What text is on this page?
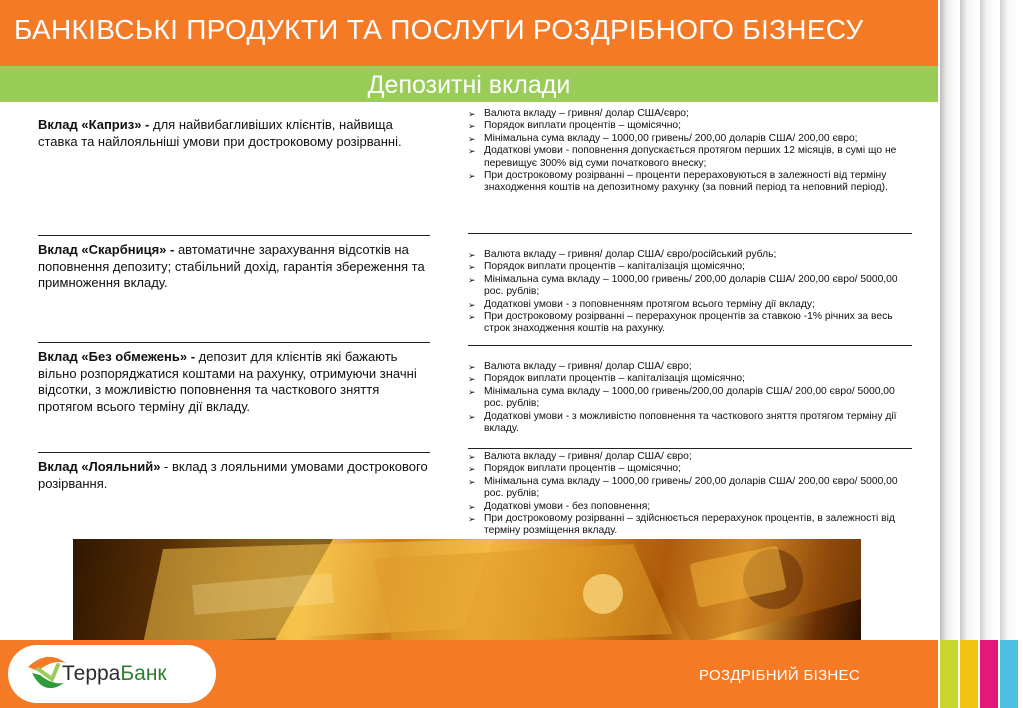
БАНКІВСЬКІ ПРОДУКТИ ТА ПОСЛУГИ РОЗДРІБНОГО БІЗНЕСУ
Депозитні вклади
Вклад «Каприз» - для найвибагливіших клієнтів, найвища ставка та найлояльніші умови при достроковому розірванні.
Вклад «Скарбниця» - автоматичне зарахування відсотків на поповнення депозиту; стабільний дохід, гарантія збереження та примноження вкладу.
Вклад «Без обмежень» - депозит для клієнтів які бажають вільно розпоряджатися коштами на рахунку, отримуючи значні відсотки, з можливістю поповнення та часткового зняття протягом всього терміну дії вкладу.
Вклад «Лояльний» - вклад з лояльними умовами дострокового розірвання.
➢ Валюта вкладу – гривня/ долар США/євро;
➢ Порядок виплати процентів – щомісячно;
➢ Мінімальна сума вкладу – 1000,00 гривень/ 200,00 доларів США/ 200,00 євро;
➢ Додаткові умови - поповнення допускається протягом перших 12 місяців, в сумі що не перевищує 300% від суми початкового внеску;
➢ При достроковому розірванні – проценти перераховуються в залежності від терміну знаходження коштів на депозитному рахунку (за повний період та неповний період).
➢ Валюта вкладу – гривня/ долар США/ євро/російський рубль;
➢ Порядок виплати процентів – капіталізація щомісячно;
➢ Мінімальна сума вкладу – 1000,00 гривень/ 200,00 доларів США/ 200,00 євро/ 5000,00 рос. рублів;
➢ Додаткові умови - з поповненням протягом всього терміну дії вкладу;
➢ При достроковому розірванні – перерахунок процентів за ставкою -1% річних за весь строк знаходження коштів на рахунку.
➢ Валюта вкладу – гривня/ долар США/ євро;
➢ Порядок виплати процентів – капіталізація щомісячно;
➢ Мінімальна сума вкладу – 1000,00 гривень/200,00 доларів США/ 200,00 євро/ 5000,00 рос. рублів;
➢ Додаткові умови - з можливістю поповнення та часткового зняття протягом терміну дії вкладу.
➢ Валюта вкладу – гривня/ долар США/ євро;
➢ Порядок виплати процентів – щомісячно;
➢ Мінімальна сума вкладу – 1000,00 гривень/ 200,00 доларів США/ 200,00 євро/ 5000,00 рос. рублів;
➢ Додаткові умови - без поповнення;
➢ При достроковому розірванні – здійснюється перерахунок процентів, в залежності від терміну розміщення вкладу.
РОЗДРІБНИЙ БІЗНЕС
ТерраБанк
